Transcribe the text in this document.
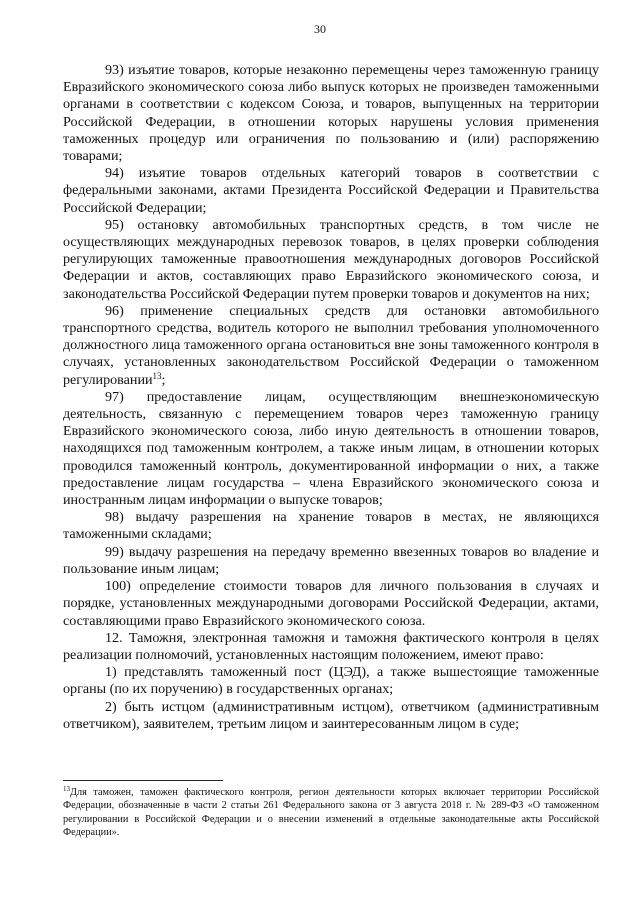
30

93) изъятие товаров, которые незаконно перемещены через таможенную границу Евразийского экономического союза либо выпуск которых не произведен таможенными органами в соответствии с кодексом Союза, и товаров, выпущенных на территории Российской Федерации, в отношении которых нарушены условия применения таможенных процедур или ограничения по пользованию и (или) распоряжению товарами;

94) изъятие товаров отдельных категорий товаров в соответствии с федеральными законами, актами Президента Российской Федерации и Правительства Российской Федерации;

95) остановку автомобильных транспортных средств, в том числе не осуществляющих международных перевозок товаров, в целях проверки соблюдения регулирующих таможенные правоотношения международных договоров Российской Федерации и актов, составляющих право Евразийского экономического союза, и законодательства Российской Федерации путем проверки товаров и документов на них;

96) применение специальных средств для остановки автомобильного транспортного средства, водитель которого не выполнил требования уполномоченного должностного лица таможенного органа остановиться вне зоны таможенного контроля в случаях, установленных законодательством Российской Федерации о таможенном регулировании$^{13}$;

97) предоставление лицам, осуществляющим внешнеэкономическую деятельность, связанную с перемещением товаров через таможенную границу Евразийского экономического союза, либо иную деятельность в отношении товаров, находящихся под таможенным контролем, а также иным лицам, в отношении которых проводился таможенный контроль, документированной информации о них, а также предоставление лицам государства – члена Евразийского экономического союза и иностранным лицам информации о выпуске товаров;

98) выдачу разрешения на хранение товаров в местах, не являющихся таможенными складами;

99) выдачу разрешения на передачу временно ввезенных товаров во владение и пользование иным лицам;

100) определение стоимости товаров для личного пользования в случаях и порядке, установленных международными договорами Российской Федерации, актами, составляющими право Евразийского экономического союза.

12. Таможня, электронная таможня и таможня фактического контроля в целях реализации полномочий, установленных настоящим положением, имеют право:

1) представлять таможенный пост (ЦЭД), а также вышестоящие таможенные органы (по их поручению) в государственных органах;

2) быть истцом (административным истцом), ответчиком (административным ответчиком), заявителем, третьим лицом и заинтересованным лицом в суде;

$^{13}$Для таможен, таможен фактического контроля, регион деятельности которых включает территории Российской Федерации, обозначенные в части 2 статьи 261 Федерального закона от 3 августа 2018 г. № 289-ФЗ «О таможенном регулировании в Российской Федерации и о внесении изменений в отдельные законодательные акты Российской Федерации».
